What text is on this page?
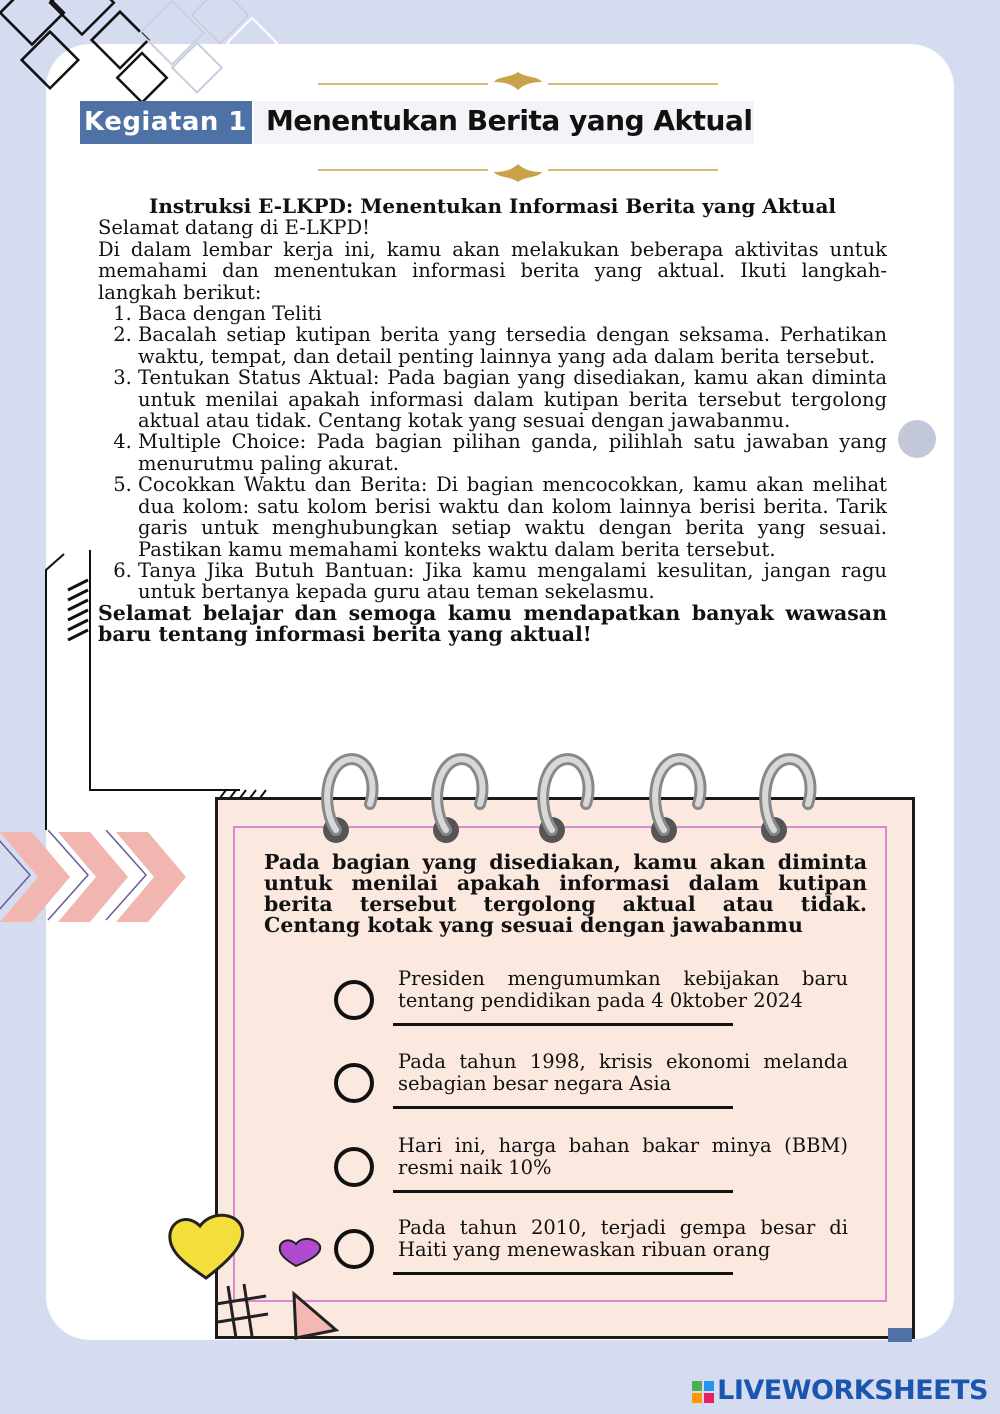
Kegiatan 1 Menentukan Berita yang Aktual
Instruksi E-LKPD: Menentukan Informasi Berita yang Aktual
Selamat datang di E-LKPD!
Di dalam lembar kerja ini, kamu akan melakukan beberapa aktivitas untuk memahami dan menentukan informasi berita yang aktual. Ikuti langkah-langkah berikut:
1. Baca dengan Teliti
2. Bacalah setiap kutipan berita yang tersedia dengan seksama. Perhatikan waktu, tempat, dan detail penting lainnya yang ada dalam berita tersebut.
3. Tentukan Status Aktual: Pada bagian yang disediakan, kamu akan diminta untuk menilai apakah informasi dalam kutipan berita tersebut tergolong aktual atau tidak. Centang kotak yang sesuai dengan jawabanmu.
4. Multiple Choice: Pada bagian pilihan ganda, pilihlah satu jawaban yang menurutmu paling akurat.
5. Cocokkan Waktu dan Berita: Di bagian mencocokkan, kamu akan melihat dua kolom: satu kolom berisi waktu dan kolom lainnya berisi berita. Tarik garis untuk menghubungkan setiap waktu dengan berita yang sesuai. Pastikan kamu memahami konteks waktu dalam berita tersebut.
6. Tanya Jika Butuh Bantuan: Jika kamu mengalami kesulitan, jangan ragu untuk bertanya kepada guru atau teman sekelasmu.
Selamat belajar dan semoga kamu mendapatkan banyak wawasan baru tentang informasi berita yang aktual!
Pada bagian yang disediakan, kamu akan diminta untuk menilai apakah informasi dalam kutipan berita tersebut tergolong aktual atau tidak. Centang kotak yang sesuai dengan jawabanmu
Presiden mengumumkan kebijakan baru tentang pendidikan pada 4 0ktober 2024
Pada tahun 1998, krisis ekonomi melanda sebagian besar negara Asia
Hari ini, harga bahan bakar minya (BBM) resmi naik 10%
Pada tahun 2010, terjadi gempa besar di Haiti yang menewaskan ribuan orang
LIVEWORKSHEETS
